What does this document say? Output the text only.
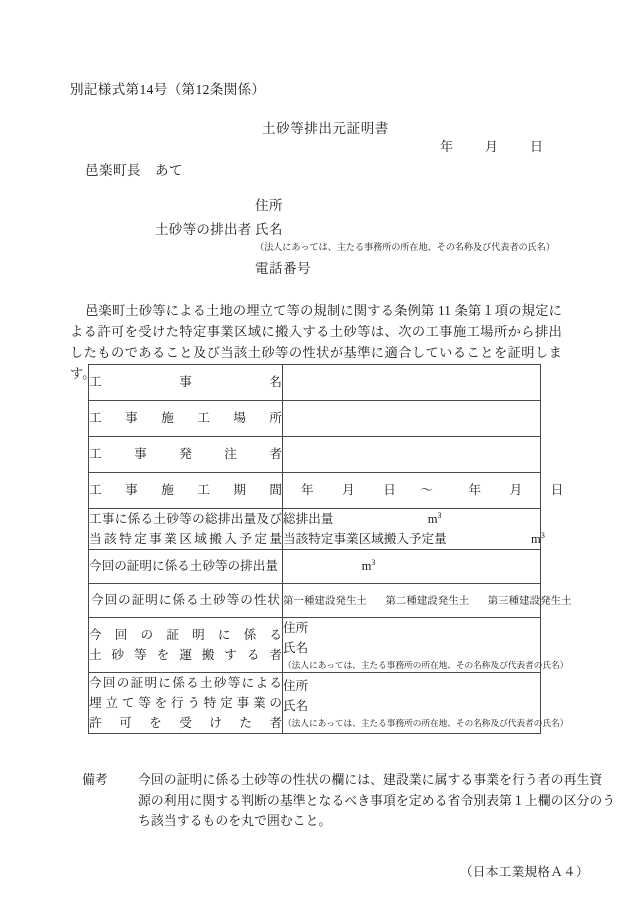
別記様式第14号（第12条関係）
土砂等排出元証明書
年 月 日
邑楽町長　あて
住所
土砂等の排出者 氏名
（法人にあっては、主たる事務所の所在地、その名称及び代表者の氏名）
電話番号
邑楽町土砂等による土地の埋立て等の規制に関する条例第 11 条第１項の規定による許可を受けた特定事業区域に搬入する土砂等は、次の工事施工場所から排出したものであること及び当該土砂等の性状が基準に適合していることを証明します。
工事名	

工事施工場所	

工事発注者	

工事施工期間	年 月 日 ～ 年 月 日

工事に係る土砂等の総排出量及び
当該特定事業区域搬入予定量	総排出量 $m^3$
当該特定事業区域搬入予定量 $m^3$

今回の証明に係る土砂等の排出量	$m^3$

今回の証明に係る土砂等の性状	第一種建設発生土 第二種建設発生土 第三種建設発生土

今回の証明に係る
土砂等を運搬する者	住所
氏名
（法人にあっては、主たる事務所の所在地、その名称及び代表者の氏名）

今回の証明に係る土砂等による
埋立て等を行う特定事業の
許可を受けた者	住所
氏名
（法人にあっては、主たる事務所の所在地、その名称及び代表者の氏名）
備考	今回の証明に係る土砂等の性状の欄には、建設業に属する事業を行う者の再生資
源の利用に関する判断の基準となるべき事項を定める省令別表第１上欄の区分のう
ち該当するものを丸で囲むこと。
（日本工業規格Ａ４）
